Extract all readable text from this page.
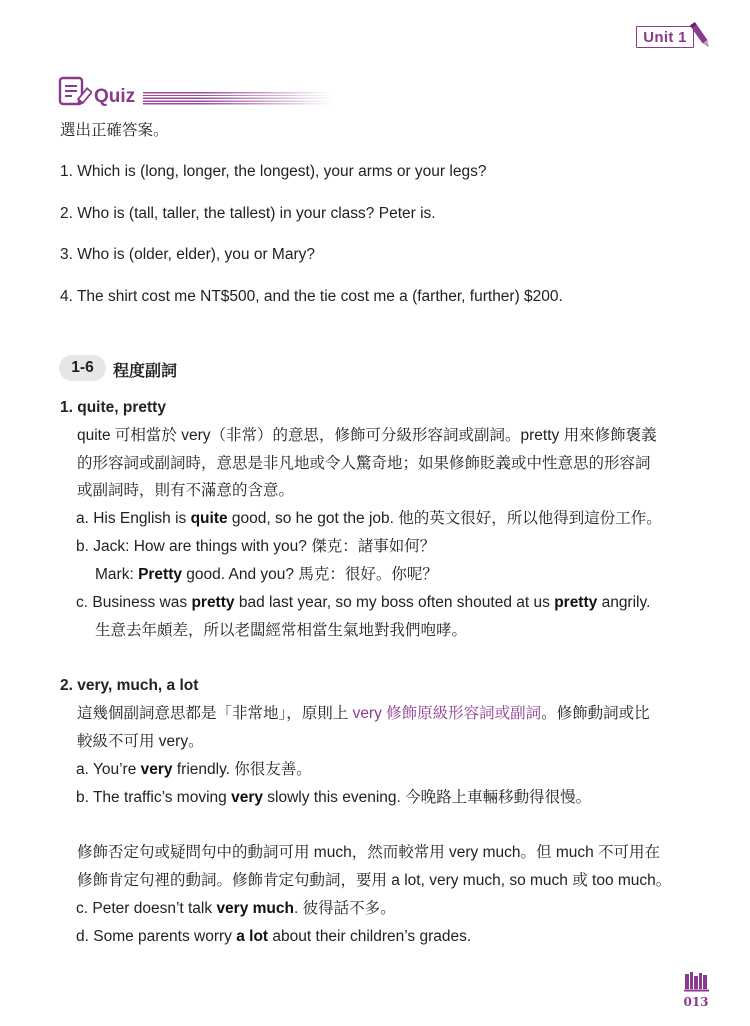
Unit 1
Quiz
選出正確答案。
1. Which is (long, longer, the longest), your arms or your legs?
2. Who is (tall, taller, the tallest) in your class? Peter is.
3. Who is (older, elder), you or Mary?
4. The shirt cost me NT$500, and the tie cost me a (farther, further) $200.
1-6 程度副詞
1. quite, pretty
quite 可相當於 very（非常）的意思，修飾可分級形容詞或副詞。pretty 用來修飾褒義
的形容詞或副詞時，意思是非凡地或令人驚奇地；如果修飾貶義或中性意思的形容詞
或副詞時，則有不滿意的含意。
a. His English is quite good, so he got the job. 他的英文很好，所以他得到這份工作。
b. Jack: How are things with you? 傑克：諸事如何？
Mark: Pretty good. And you? 馬克：很好。你呢？
c. Business was pretty bad last year, so my boss often shouted at us pretty angrily.
生意去年頗差，所以老闆經常相當生氣地對我們咆哮。
2. very, much, a lot
這幾個副詞意思都是「非常地」，原則上 very 修飾原級形容詞或副詞。修飾動詞或比
較級不可用 very。
a. You’re very friendly. 你很友善。
b. The traffic’s moving very slowly this evening. 今晚路上車輛移動得很慢。
修飾否定句或疑問句中的動詞可用 much，然而較常用 very much。但 much 不可用在
修飾肯定句裡的動詞。修飾肯定句動詞，要用 a lot, very much, so much 或 too much。
c. Peter doesn’t talk very much. 彼得話不多。
d. Some parents worry a lot about their children’s grades.
013
